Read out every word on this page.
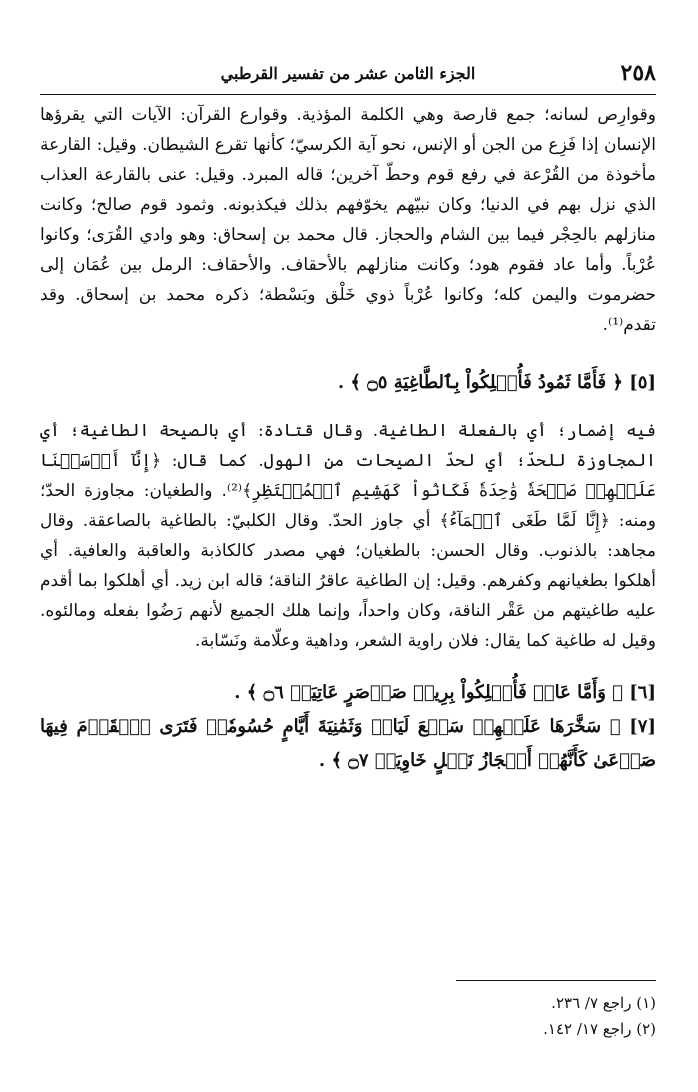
٢٥٨
الجزء الثامن عشر من تفسير القرطبي

وقوارِص لسانه؛ جمع قارصة وهي الكلمة المؤذية. وقوارع القرآن: الآيات التي يقرؤها الإنسان إذا فَزِع من الجن أو الإنس، نحو آية الكرسيّ؛ كأنها تقرع الشيطان. وقيل: القارعة مأخوذة من القُرْعة في رفع قوم وحطّ آخرين؛ قاله المبرد. وقيل: عنى بالقارعة العذاب الذي نزل بهم في الدنيا؛ وكان نبيّهم يخوّفهم بذلك فيكذبونه. وثمود قوم صالح؛ وكانت منازلهم بالحِجْر فيما بين الشام والحجاز. قال محمد بن إسحاق: وهو وادي القُرَى؛ وكانوا عُرْباً. وأما عاد فقوم هود؛ وكانت منازلهم بالأحقاف. والأحقاف: الرمل بين عُمَان إلى حضرموت واليمن كله؛ وكانوا عُرْباً ذوي خَلْق وبَسْطة؛ ذكره محمد بن إسحاق. وقد تقدم⁽¹⁾.

[٥] ﴿ فَأَمَّا ثَمُودُ فَأُهۡلِكُواْ بِٱلطَّاغِيَةِ ۝٥ ﴾ .

فيه إضمار؛ أي بالفعلة الطاغية. وقال قتادة: أي بالصيحة الطاغية؛ أي المجاوزة للحدّ؛ أي لحدّ الصيحات من الهول. كما قال: ﴿إِنَّآ أَرۡسَلۡنَا عَلَيۡهِمۡ صَيۡحَةٗ وَٰحِدَةٗ فَكَانُواْ كَهَشِيمِ ٱلۡمُحۡتَظِرِ﴾⁽²⁾. والطغيان: مجاوزة الحدّ؛ ومنه: ﴿إِنَّا لَمَّا طَغَى ٱلۡمَآءُ﴾ أي جاوز الحدّ. وقال الكلبيّ: بالطاغية بالصاعقة. وقال مجاهد: بالذنوب. وقال الحسن: بالطغيان؛ فهي مصدر كالكاذبة والعاقبة والعافية. أي أهلكوا بطغيانهم وكفرهم. وقيل: إن الطاغية عاقرُ الناقة؛ قاله ابن زيد. أي أهلكوا بما أقدم عليه طاغيتهم من عَقْر الناقة، وكان واحداً، وإنما هلك الجميع لأنهم رَضُوا بفعله ومالئوه. وقيل له طاغية كما يقال: فلان راوية الشعر، وداهية وعلّامة ونَسّابة.

[٦] ﴿ وَأَمَّا عَادٞ فَأُهۡلِكُواْ بِرِيحٖ صَرۡصَرٍ عَاتِيَةٖ ۝٦ ﴾ .

[٧] ﴿ سَخَّرَهَا عَلَيۡهِمۡ سَبۡعَ لَيَالٖ وَثَمَٰنِيَةَ أَيَّامٍ حُسُومٗاۖ فَتَرَى ٱلۡقَوۡمَ فِيهَا صَرۡعَىٰ كَأَنَّهُمۡ أَعۡجَازُ نَخۡلٍ خَاوِيَةٖ ۝٧ ﴾ .

(١) راجع ٧/ ٢٣٦.

(٢) راجع ١٧/ ١٤٢.
